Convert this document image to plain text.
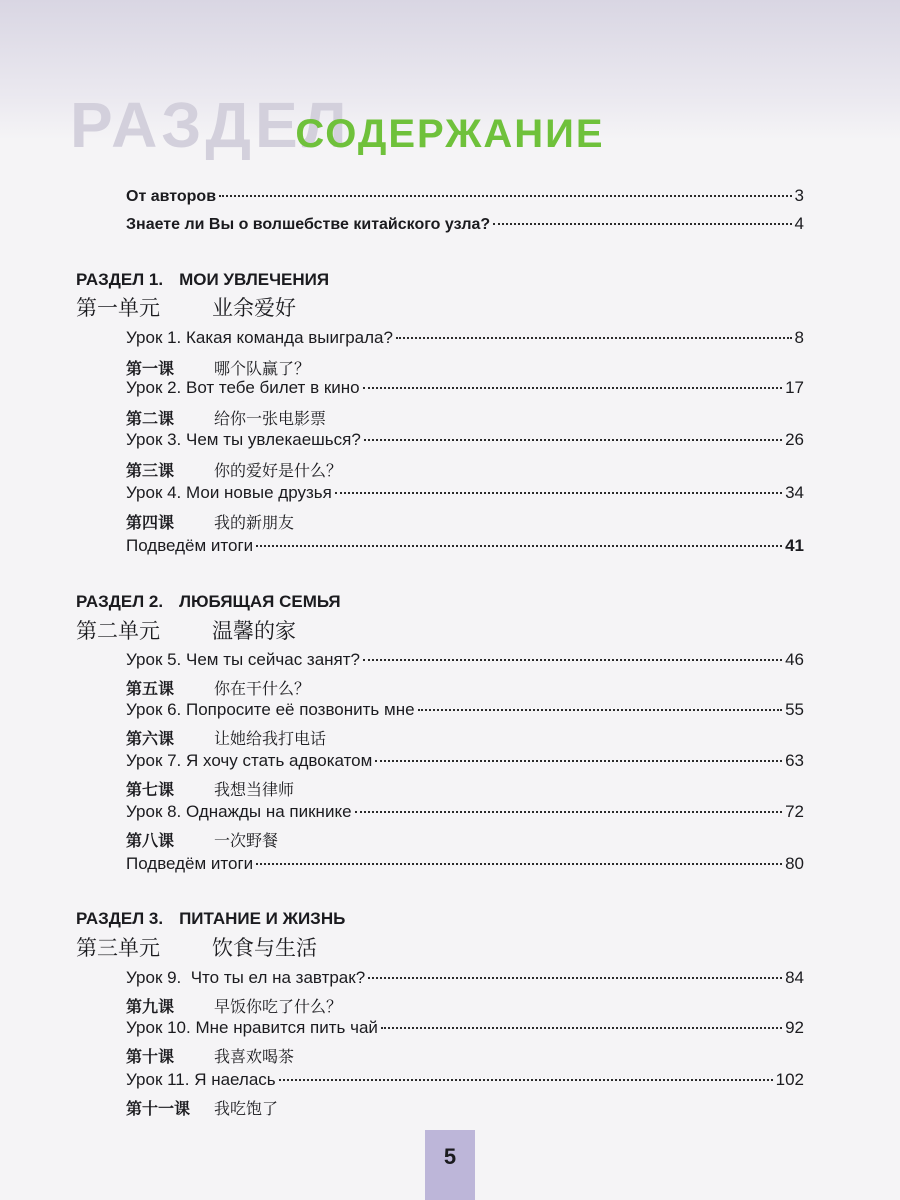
РАЗДЕЛ
СОДЕРЖАНИЕ
От авторов	3
Знаете ли Вы о волшебстве китайского узла?	4
РАЗДЕЛ 1. МОИ УВЛЕЧЕНИЯ
第一单元 业余爱好
Урок 1. Какая команда выиграла?	8
第一课 哪个队赢了？
Урок 2. Вот тебе билет в кино	17
第二课 给你一张电影票
Урок 3. Чем ты увлекаешься?	26
第三课 你的爱好是什么？
Урок 4. Мои новые друзья	34
第四课 我的新朋友
Подведём итоги	41
РАЗДЕЛ 2. ЛЮБЯЩАЯ СЕМЬЯ
第二单元 温馨的家
Урок 5. Чем ты сейчас занят?	46
第五课 你在干什么？
Урок 6. Попросите её позвонить мне	55
第六课 让她给我打电话
Урок 7. Я хочу стать адвокатом	63
第七课 我想当律师
Урок 8. Однажды на пикнике	72
第八课 一次野餐
Подведём итоги	80
РАЗДЕЛ 3. ПИТАНИЕ И ЖИЗНЬ
第三单元 饮食与生活
Урок 9.  Что ты ел на завтрак?	84
第九课 早饭你吃了什么？
Урок 10. Мне нравится пить чай	92
第十课 我喜欢喝茶
Урок 11. Я наелась	102
第十一课 我吃饱了
5
